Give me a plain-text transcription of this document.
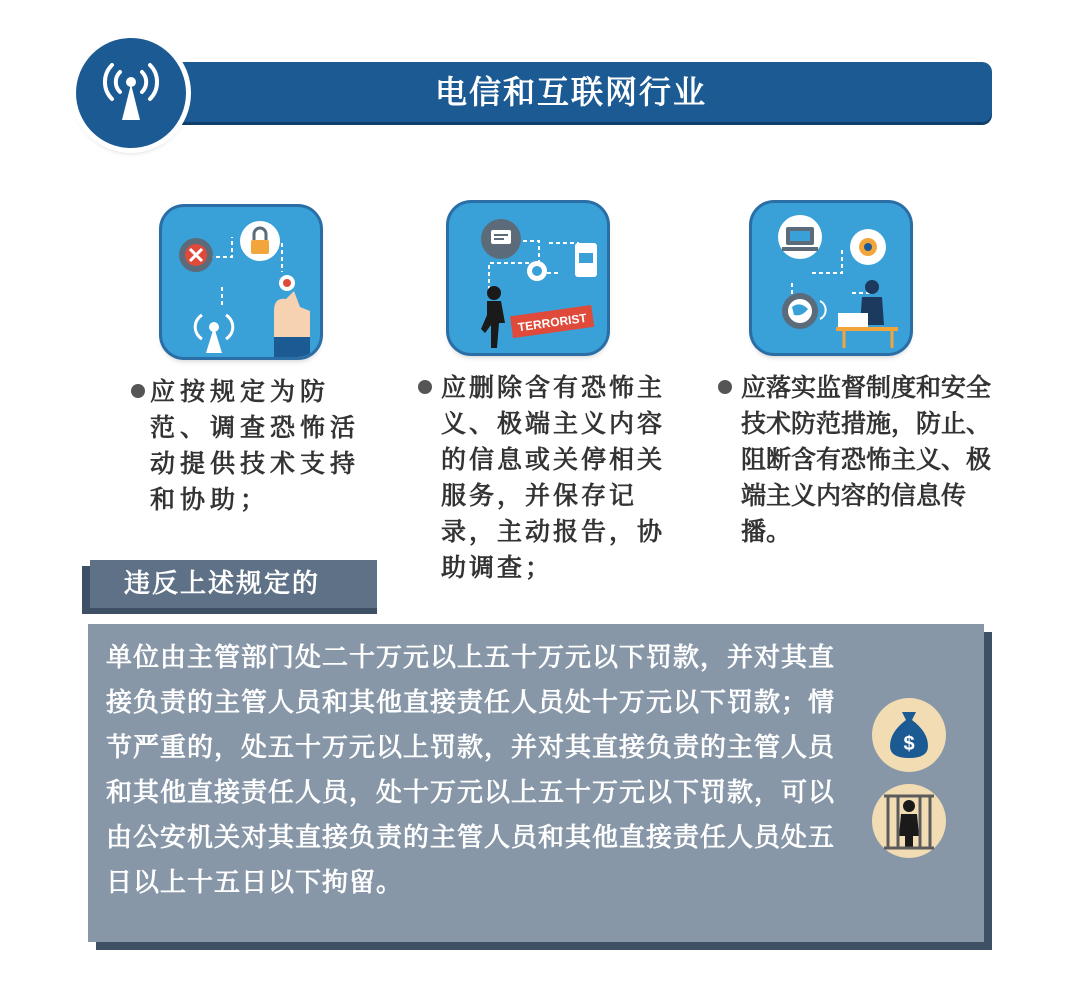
电信和互联网行业
应按规定为防范、调查恐怖活动提供技术支持和协助；
TERRORIST
应删除含有恐怖主义、极端主义内容的信息或关停相关服务，并保存记录，主动报告，协助调查；
应落实监督制度和安全技术防范措施，防止、阻断含有恐怖主义、极端主义内容的信息传播。
违反上述规定的
单位由主管部门处二十万元以上五十万元以下罚款，并对其直接负责的主管人员和其他直接责任人员处十万元以下罚款；情节严重的，处五十万元以上罚款，并对其直接负责的主管人员和其他直接责任人员，处十万元以上五十万元以下罚款，可以由公安机关对其直接负责的主管人员和其他直接责任人员处五日以上十五日以下拘留。
$
